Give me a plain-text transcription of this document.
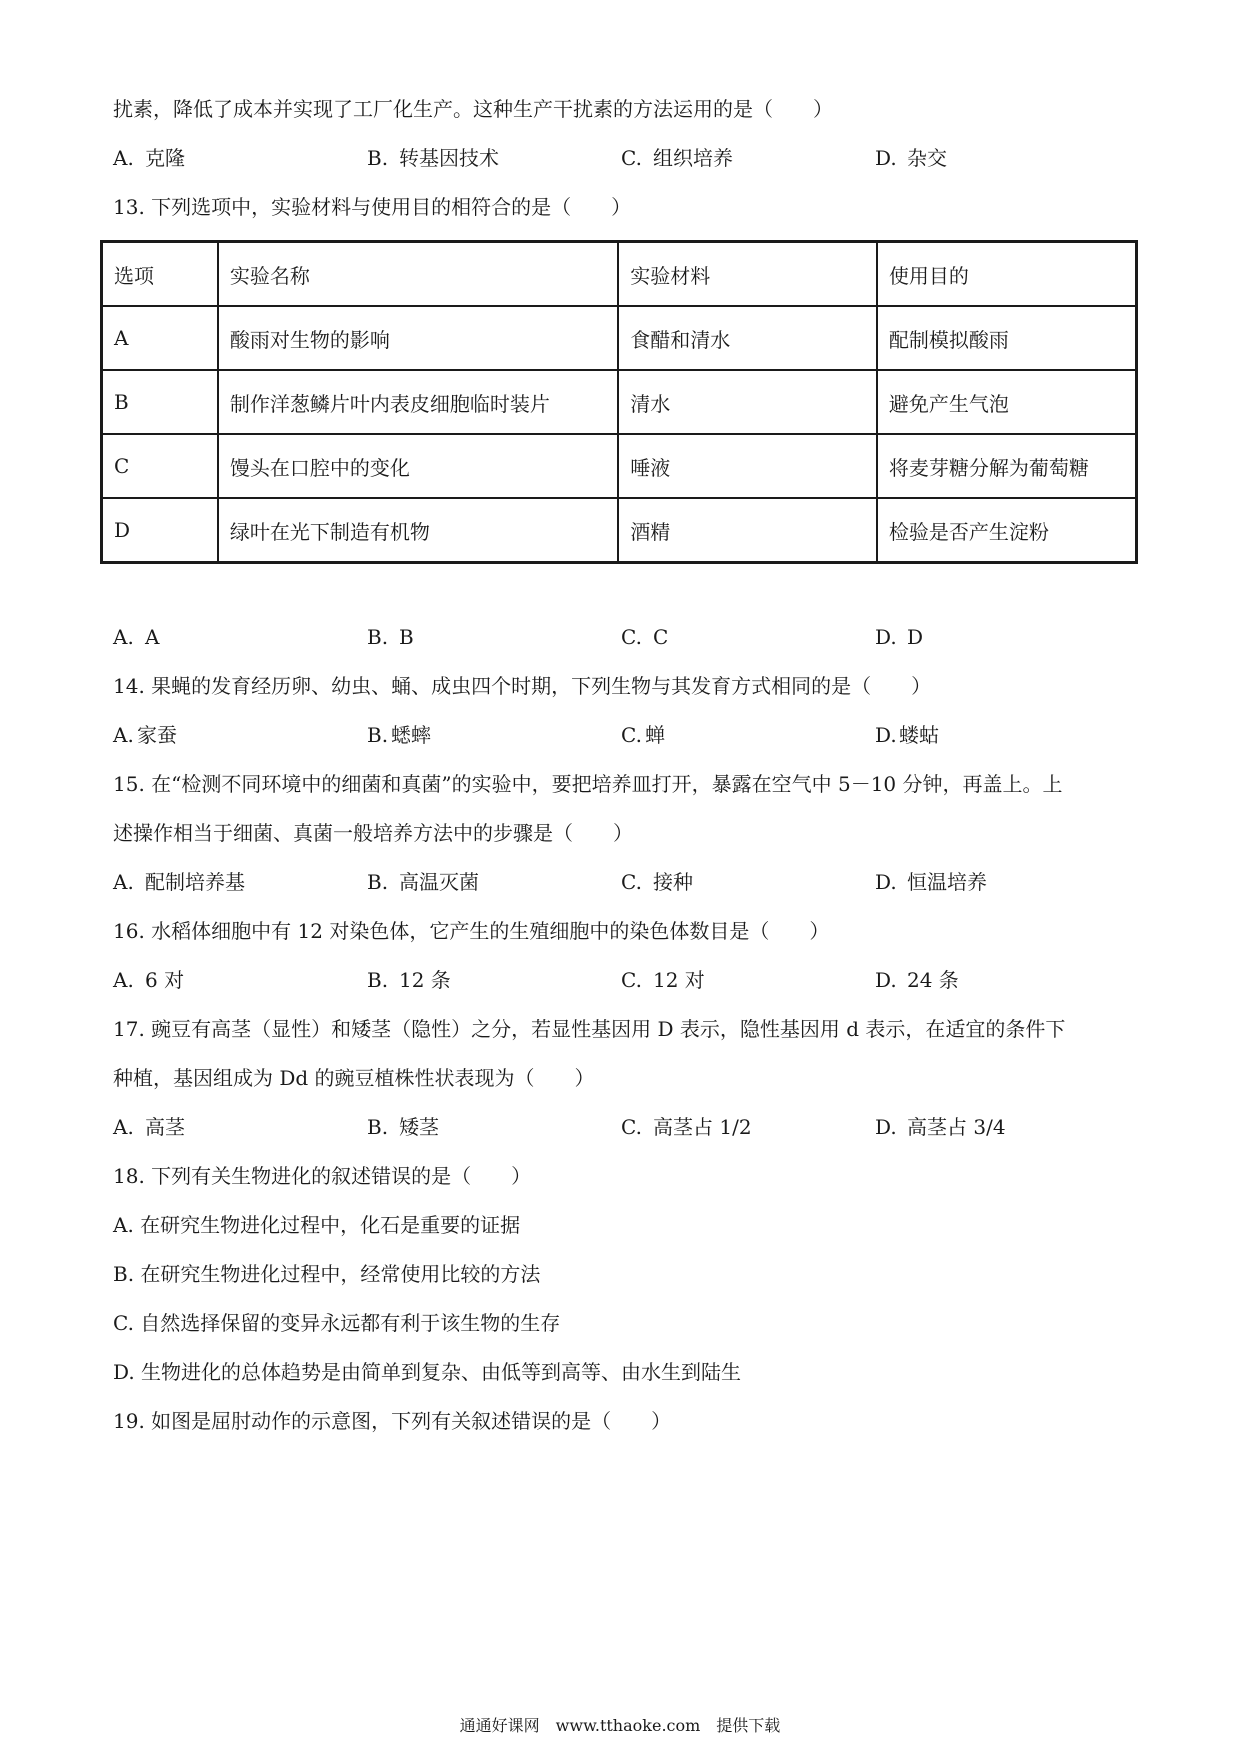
扰素，降低了成本并实现了工厂化生产。这种生产干扰素的方法运用的是（　　）
A. 克隆	B. 转基因技术	C. 组织培养	D. 杂交
13. 下列选项中，实验材料与使用目的相符合的是（　　）
A. A	B. B	C. C	D. D
14. 果蝇的发育经历卵、幼虫、蛹、成虫四个时期，下列生物与其发育方式相同的是（　　）
A. 家蚕	B. 蟋蟀	C. 蝉	D. 蝼蛄
15. 在“检测不同环境中的细菌和真菌”的实验中，要把培养皿打开，暴露在空气中 5－10 分钟，再盖上。上
述操作相当于细菌、真菌一般培养方法中的步骤是（　　）
A. 配制培养基	B. 高温灭菌	C. 接种	D. 恒温培养
16. 水稻体细胞中有 12 对染色体，它产生的生殖细胞中的染色体数目是（　　）
A. 6 对	B. 12 条	C. 12 对	D. 24 条
17. 豌豆有高茎（显性）和矮茎（隐性）之分，若显性基因用 D 表示，隐性基因用 d 表示，在适宜的条件下
种植，基因组成为 Dd 的豌豆植株性状表现为（　　）
A. 高茎	B. 矮茎	C. 高茎占 1/2	D. 高茎占 3/4
18. 下列有关生物进化的叙述错误的是（　　）
A. 在研究生物进化过程中，化石是重要的证据
B. 在研究生物进化过程中，经常使用比较的方法
C. 自然选择保留的变异永远都有利于该生物的生存
D. 生物进化的总体趋势是由简单到复杂、由低等到高等、由水生到陆生
19. 如图是屈肘动作的示意图，下列有关叙述错误的是（　　）
选项	实验名称	实验材料	使用目的
A	酸雨对生物的影响	食醋和清水	配制模拟酸雨
B	制作洋葱鳞片叶内表皮细胞临时装片	清水	避免产生气泡
C	馒头在口腔中的变化	唾液	将麦芽糖分解为葡萄糖
D	绿叶在光下制造有机物	酒精	检验是否产生淀粉
通通好课网　www.tthaoke.com　提供下载
